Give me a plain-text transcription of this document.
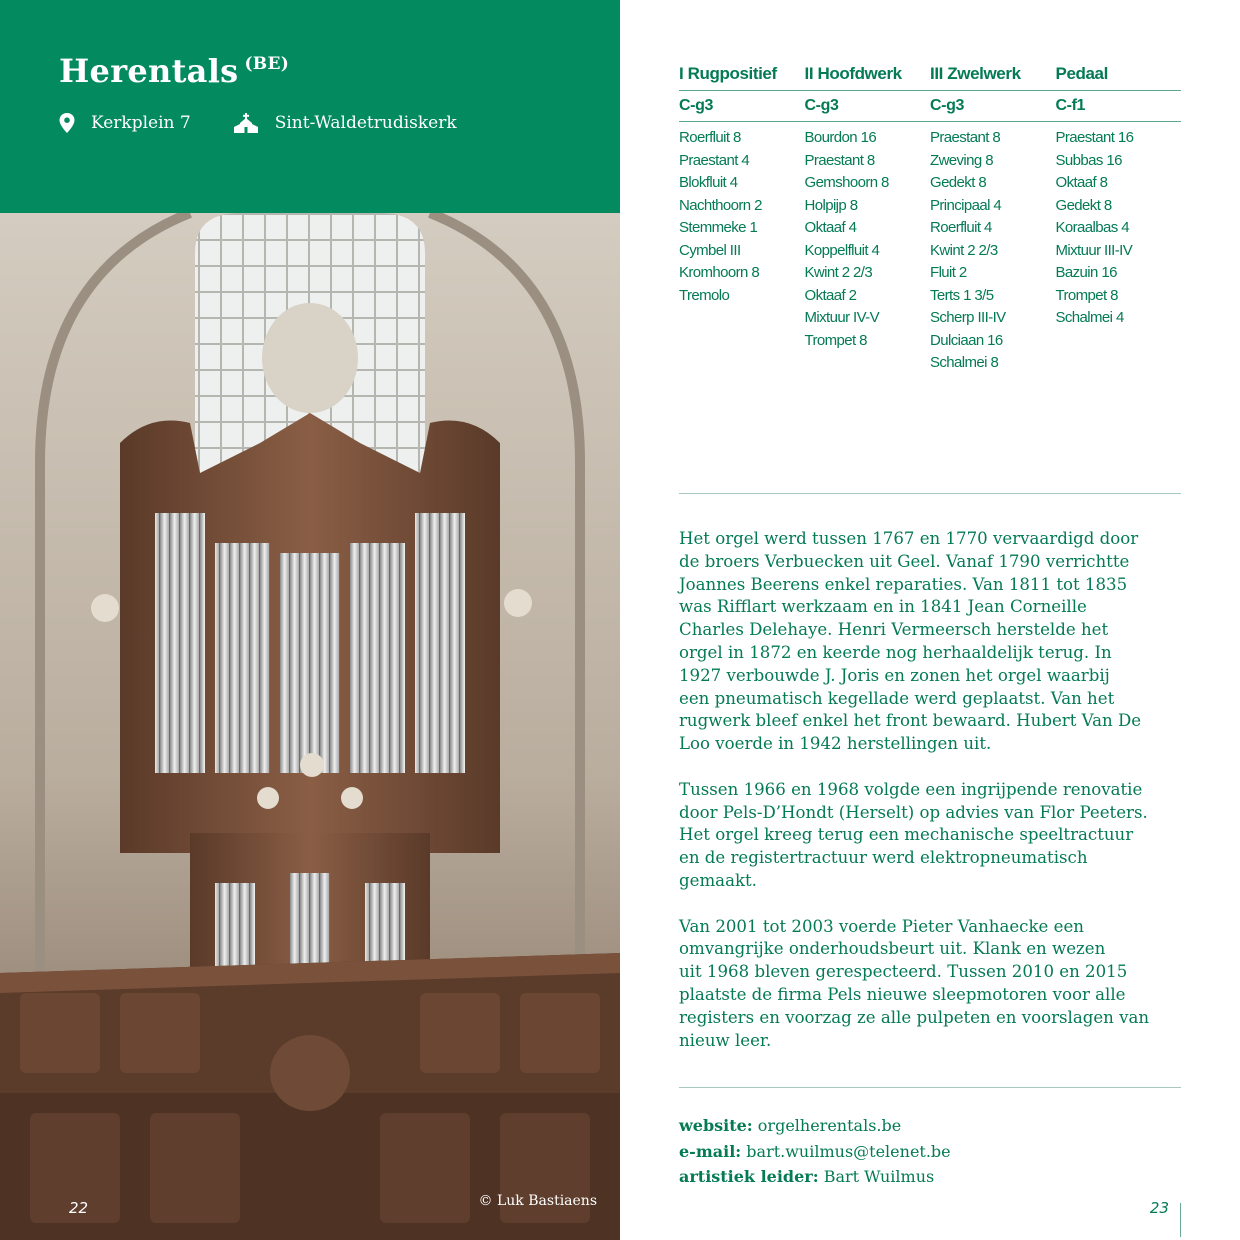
Herentals $^{(BE)}$
Kerkplein 7	Sint-Waldetrudiskerk
22	© Luk Bastiaens
I Rugpositief
C-g3
Roerfluit 8
Praestant 4
Blokfluit 4
Nachthoorn 2
Stemmeke 1
Cymbel III
Kromhoorn 8
Tremolo
II Hoofdwerk
C-g3
Bourdon 16
Praestant 8
Gemshoorn 8
Holpijp 8
Oktaaf 4
Koppelfluit 4
Kwint 2 2/3
Oktaaf 2
Mixtuur IV-V
Trompet 8
III Zwelwerk
C-g3
Praestant 8
Zweving 8
Gedekt 8
Principaal 4
Roerfluit 4
Kwint 2 2/3
Fluit 2
Terts 1 3/5
Scherp III-IV
Dulciaan 16
Schalmei 8
Pedaal
C-f1
Praestant 16
Subbas 16
Oktaaf 8
Gedekt 8
Koraalbas 4
Mixtuur III-IV
Bazuin 16
Trompet 8
Schalmei 4

Het orgel werd tussen 1767 en 1770 vervaardigd door
de broers Verbuecken uit Geel. Vanaf 1790 verrichtte
Joannes Beerens enkel reparaties. Van 1811 tot 1835
was Rifflart werkzaam en in 1841 Jean Corneille
Charles Delehaye. Henri Vermeersch herstelde het
orgel in 1872 en keerde nog herhaaldelijk terug. In
1927 verbouwde J. Joris en zonen het orgel waarbij
een pneumatisch kegellade werd geplaatst. Van het
rugwerk bleef enkel het front bewaard. Hubert Van De
Loo voerde in 1942 herstellingen uit.

Tussen 1966 en 1968 volgde een ingrijpende renovatie
door Pels-D’Hondt (Herselt) op advies van Flor Peeters.
Het orgel kreeg terug een mechanische speeltractuur
en de registertractuur werd elektropneumatisch
gemaakt.

Van 2001 tot 2003 voerde Pieter Vanhaecke een
omvangrijke onderhoudsbeurt uit. Klank en wezen
uit 1968 bleven gerespecteerd. Tussen 2010 en 2015
plaatste de firma Pels nieuwe sleepmotoren voor alle
registers en voorzag ze alle pulpeten en voorslagen van
nieuw leer.

website: orgelherentals.be
e-mail: bart.wuilmus@telenet.be
artistiek leider: Bart Wuilmus
23
